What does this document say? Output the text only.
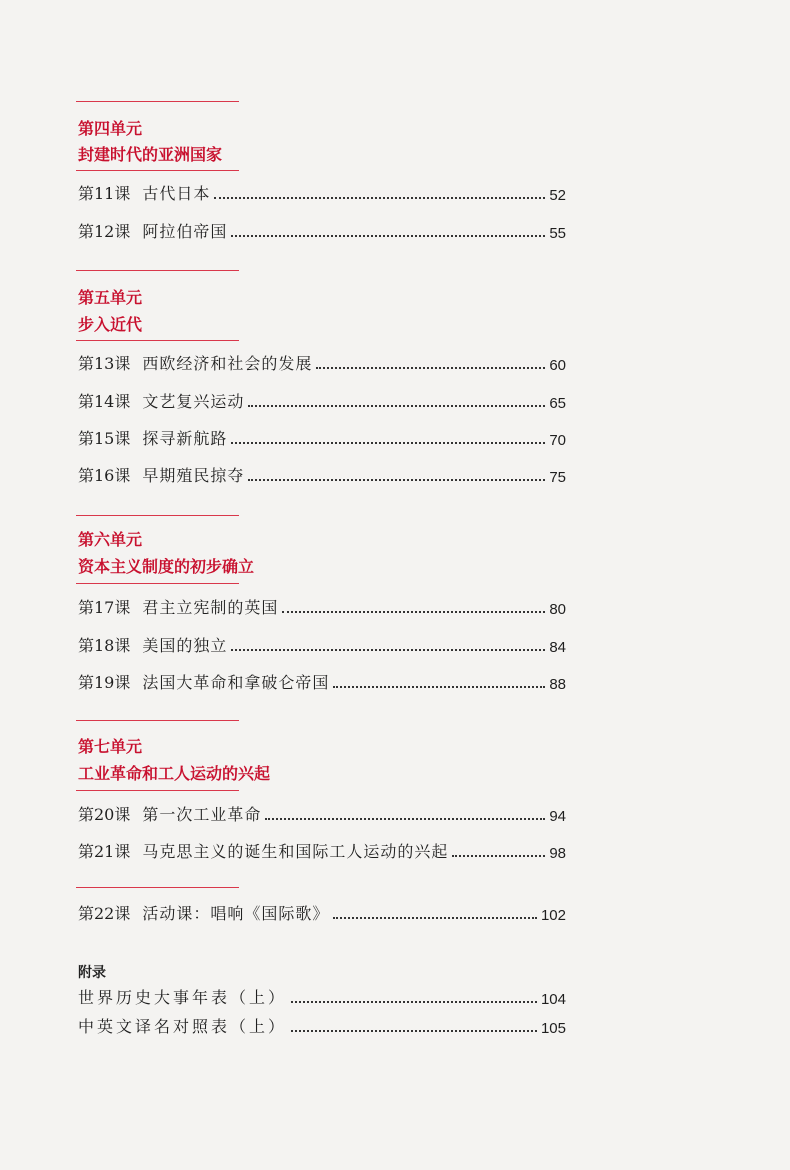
第四单元
封建时代的亚洲国家
第11课 古代日本	52
第12课 阿拉伯帝国	55
第五单元
步入近代
第13课 西欧经济和社会的发展	60
第14课 文艺复兴运动	65
第15课 探寻新航路	70
第16课 早期殖民掠夺	75
第六单元
资本主义制度的初步确立
第17课 君主立宪制的英国	80
第18课 美国的独立	84
第19课 法国大革命和拿破仑帝国	88
第七单元
工业革命和工人运动的兴起
第20课 第一次工业革命	94
第21课 马克思主义的诞生和国际工人运动的兴起	98
第22课 活动课：唱响《国际歌》	102
附录
世界历史大事年表（上）	104
中英文译名对照表（上）	105
